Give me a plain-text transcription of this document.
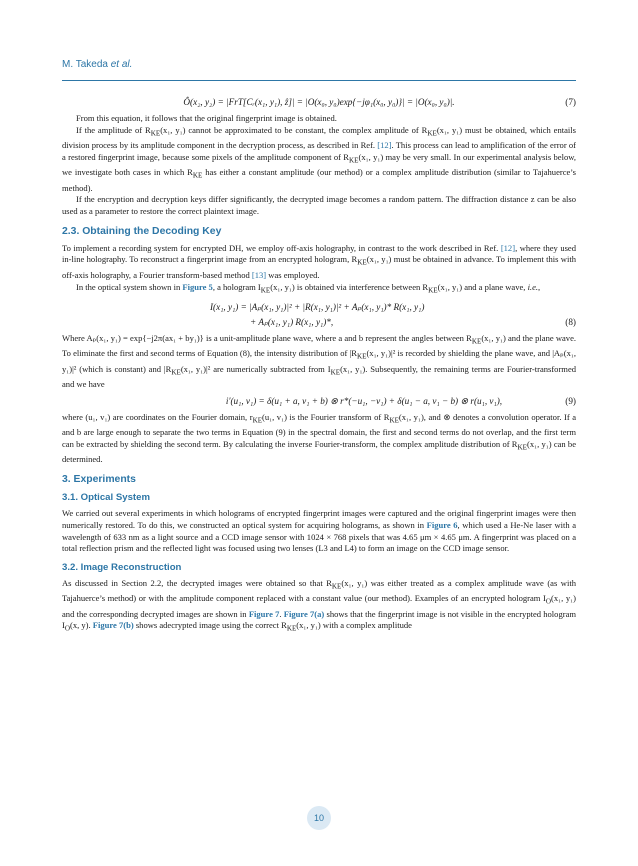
M. Takeda et al.
Ô(x₂, y₂) = |FrT[Cᵣ(x₁, y₁), ẑ]| = |O(x₀, y₀)exp{−jφ₁(x₀, y₀)}| = |O(x₀, y₀)|.	(7)

From this equation, it follows that the original fingerprint image is obtained.

If the amplitude of $R_{KE}(x_1$, y₁) cannot be approximated to be constant, the complex amplitude of $R_{KE}(x_1$, y₁) must be obtained, which entails division process by its amplitude component in the decryption process, as described in Ref. [12]. This process can lead to amplification of the error of a restored fingerprint image, because some pixels of the amplitude component of $R_{KE}(x_1$, y₁) may be very small. In our experimental analysis below, we investigate both cases in which $R_{KE}$ has either a constant amplitude (our method) or a complex amplitude distribution (similar to Tajahuerce’s method).

If the encryption and decryption keys differ significantly, the decrypted image becomes a random pattern. The diffraction distance z can be also used as a parameter to restore the correct plaintext image.

2.3. Obtaining the Decoding Key

To implement a recording system for encrypted DH, we employ off-axis holography, in contrast to the work described in Ref. [12], where they used in-line holography. To reconstruct a fingerprint image from an encrypted hologram, $R_{KE}(x_1$, y₁) must be obtained in advance. To implement this with off-axis holography, a Fourier transform-based method [13] was employed.

In the optical system shown in Figure 5, a hologram $I_{KE}(x_1$, y₁) is obtained via interference between $R_{KE}(x_1$, y₁) and a plane wave, i.e.,

I(x₁, y₁) = |Aₚ(x₁, y₁)|² + |R(x₁, y₁)|² + Aₚ(x₁, y₁)* R(x₁, y₁)
+ Aₚ(x₁, y₁) R(x₁, y₁)*,	(8)

Where Aₚ(x₁, y₁) = exp{−j2π(ax₁ + by₁)} is a unit-amplitude plane wave, where a and b represent the angles between $R_{KE}(x_1$, y₁) and the plane wave. To eliminate the first and second terms of Equation (8), the intensity distribution of $|R_{KE}(x_1$, y₁)|² is recorded by shielding the plane wave, and |Aₚ(x₁, y₁)|² (which is constant) and $|R_{KE}(x_1$, y₁)|² are numerically subtracted from $I_{KE}(x_1$, y₁). Subsequently, the remaining terms are Fourier-transformed and we have

i′(u₁, v₁) = δ(u₁ + a, v₁ + b) ⊗ r*(−u₁, −v₁) + δ(u₁ − a, v₁ − b) ⊗ r(u₁, v₁),	(9)

where (u₁, v₁) are coordinates on the Fourier domain, $r_{KE}(u_1$, v₁) is the Fourier transform of $R_{KE}(x_1$, y₁), and ⊗ denotes a convolution operator. If a and b are large enough to separate the two terms in Equation (9) in the spectral domain, the first and second terms do not overlap, and the first term can be extracted by shielding the second term. By calculating the inverse Fourier-transform, the complex amplitude distribution of $R_{KE}(x_1$, y₁) can be determined.

3. Experiments
3.1. Optical System

We carried out several experiments in which holograms of encrypted fingerprint images were captured and the original fingerprint images were then numerically restored. To do this, we constructed an optical system for acquiring holograms, as shown in Figure 6, which used a He-Ne laser with a wavelength of 633 nm as a light source and a CCD image sensor with 1024 × 768 pixels that was 4.65 μm × 4.65 μm. A fingerprint was placed on a total reflection prism and the reflected light was focused using two lenses (L3 and L4) to form an image on the CCD image sensor.

3.2. Image Reconstruction

As discussed in Section 2.2, the decrypted images were obtained so that $R_{KE}(x_1$, y₁) was either treated as a complex amplitude wave (as with Tajahuerce’s method) or with the amplitude component replaced with a constant value (our method). Examples of an encrypted hologram $I_O(x_1$, y₁) and the corresponding decrypted images are shown in Figure 7. Figure 7(a) shows that the fingerprint image is not visible in the encrypted hologram $I_O(x$, y). Figure 7(b) shows adecrypted image using the correct $R_{KE}(x_1$, y₁) with a complex amplitude

10
